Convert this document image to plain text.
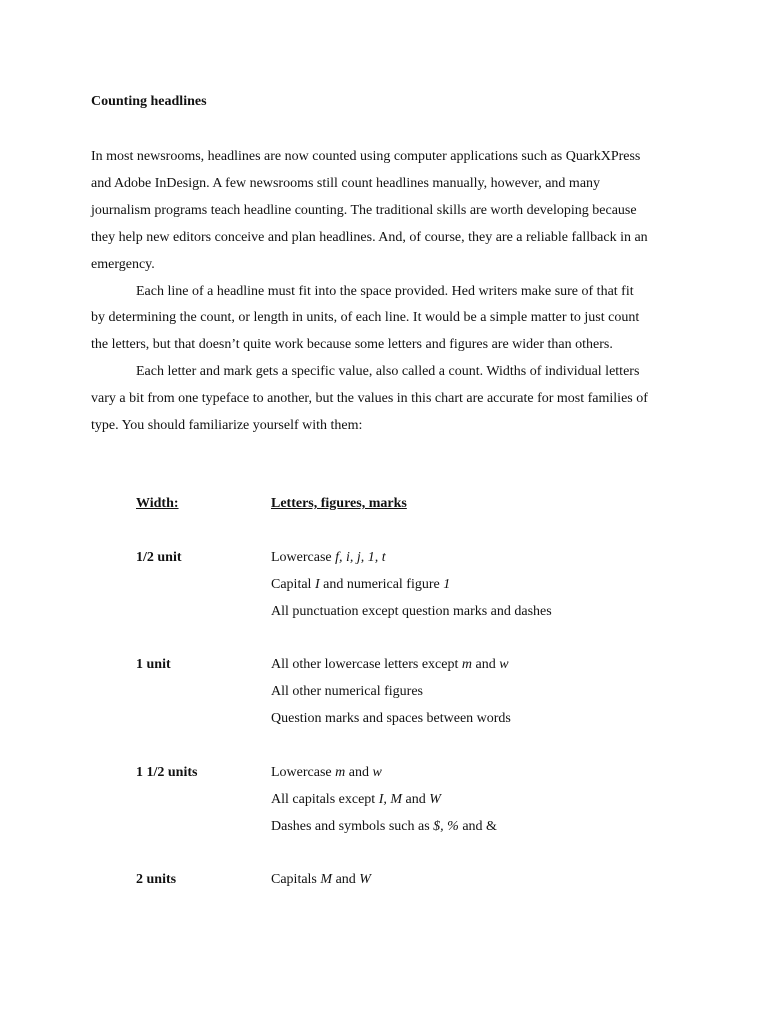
Counting headlines

In most newsrooms, headlines are now counted using computer applications such as QuarkXPress and Adobe InDesign. A few newsrooms still count headlines manually, however, and many journalism programs teach headline counting. The traditional skills are worth developing because they help new editors conceive and plan headlines. And, of course, they are a reliable fallback in an emergency.

Each line of a headline must fit into the space provided. Hed writers make sure of that fit by determining the count, or length in units, of each line. It would be a simple matter to just count the letters, but that doesn’t quite work because some letters and figures are wider than others.

Each letter and mark gets a specific value, also called a count. Widths of individual letters vary a bit from one typeface to another, but the values in this chart are accurate for most families of type. You should familiarize yourself with them:

Width:	Letters, figures, marks
1/2 unit	Lowercase f, i, j, 1, t
Capital I and numerical figure 1
All punctuation except question marks and dashes
1 unit	All other lowercase letters except m and w
All other numerical figures
Question marks and spaces between words
1 1/2 units	Lowercase m and w
All capitals except I, M and W
Dashes and symbols such as $, % and &
2 units	Capitals M and W
